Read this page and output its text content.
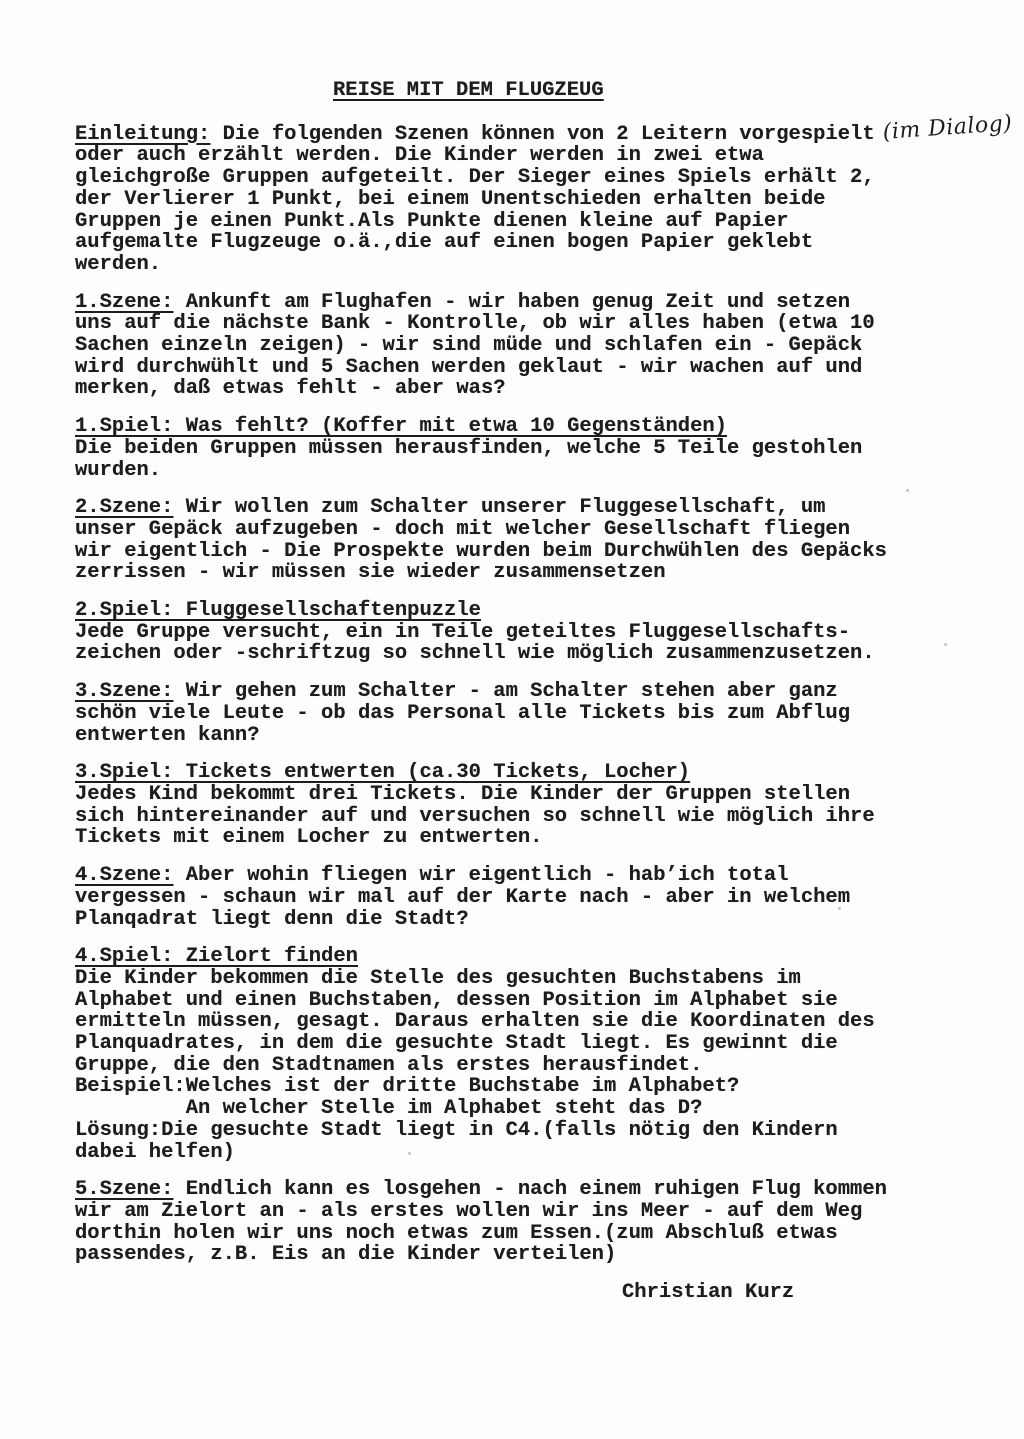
REISE MIT DEM FLUGZEUG

Einleitung: Die folgenden Szenen können von 2 Leitern vorgespielt (im Dialog)
oder auch erzählt werden. Die Kinder werden in zwei etwa
gleichgroße Gruppen aufgeteilt. Der Sieger eines Spiels erhält 2,
der Verlierer 1 Punkt, bei einem Unentschieden erhalten beide
Gruppen je einen Punkt.Als Punkte dienen kleine auf Papier
aufgemalte Flugzeuge o.ä.,die auf einen bogen Papier geklebt
werden.

1.Szene: Ankunft am Flughafen - wir haben genug Zeit und setzen
uns auf die nächste Bank - Kontrolle, ob wir alles haben (etwa 10
Sachen einzeln zeigen) - wir sind müde und schlafen ein - Gepäck
wird durchwühlt und 5 Sachen werden geklaut - wir wachen auf und
merken, daß etwas fehlt - aber was?

1.Spiel: Was fehlt? (Koffer mit etwa 10 Gegenständen)
Die beiden Gruppen müssen herausfinden, welche 5 Teile gestohlen
wurden.

2.Szene: Wir wollen zum Schalter unserer Fluggesellschaft, um
unser Gepäck aufzugeben - doch mit welcher Gesellschaft fliegen
wir eigentlich - Die Prospekte wurden beim Durchwühlen des Gepäcks
zerrissen - wir müssen sie wieder zusammensetzen

2.Spiel: Fluggesellschaftenpuzzle
Jede Gruppe versucht, ein in Teile geteiltes Fluggesellschafts-
zeichen oder -schriftzug so schnell wie möglich zusammenzusetzen.

3.Szene: Wir gehen zum Schalter - am Schalter stehen aber ganz
schön viele Leute - ob das Personal alle Tickets bis zum Abflug
entwerten kann?

3.Spiel: Tickets entwerten (ca.30 Tickets, Locher)
Jedes Kind bekommt drei Tickets. Die Kinder der Gruppen stellen
sich hintereinander auf und versuchen so schnell wie möglich ihre
Tickets mit einem Locher zu entwerten.

4.Szene: Aber wohin fliegen wir eigentlich - hab’ich total
vergessen - schaun wir mal auf der Karte nach - aber in welchem
Planqadrat liegt denn die Stadt?

4.Spiel: Zielort finden
Die Kinder bekommen die Stelle des gesuchten Buchstabens im
Alphabet und einen Buchstaben, dessen Position im Alphabet sie
ermitteln müssen, gesagt. Daraus erhalten sie die Koordinaten des
Planquadrates, in dem die gesuchte Stadt liegt. Es gewinnt die
Gruppe, die den Stadtnamen als erstes herausfindet.
Beispiel:Welches ist der dritte Buchstabe im Alphabet?
An welcher Stelle im Alphabet steht das D?
Lösung:Die gesuchte Stadt liegt in C4.(falls nötig den Kindern
dabei helfen)

5.Szene: Endlich kann es losgehen - nach einem ruhigen Flug kommen
wir am Zielort an - als erstes wollen wir ins Meer - auf dem Weg
dorthin holen wir uns noch etwas zum Essen.(zum Abschluß etwas
passendes, z.B. Eis an die Kinder verteilen)

Christian Kurz
